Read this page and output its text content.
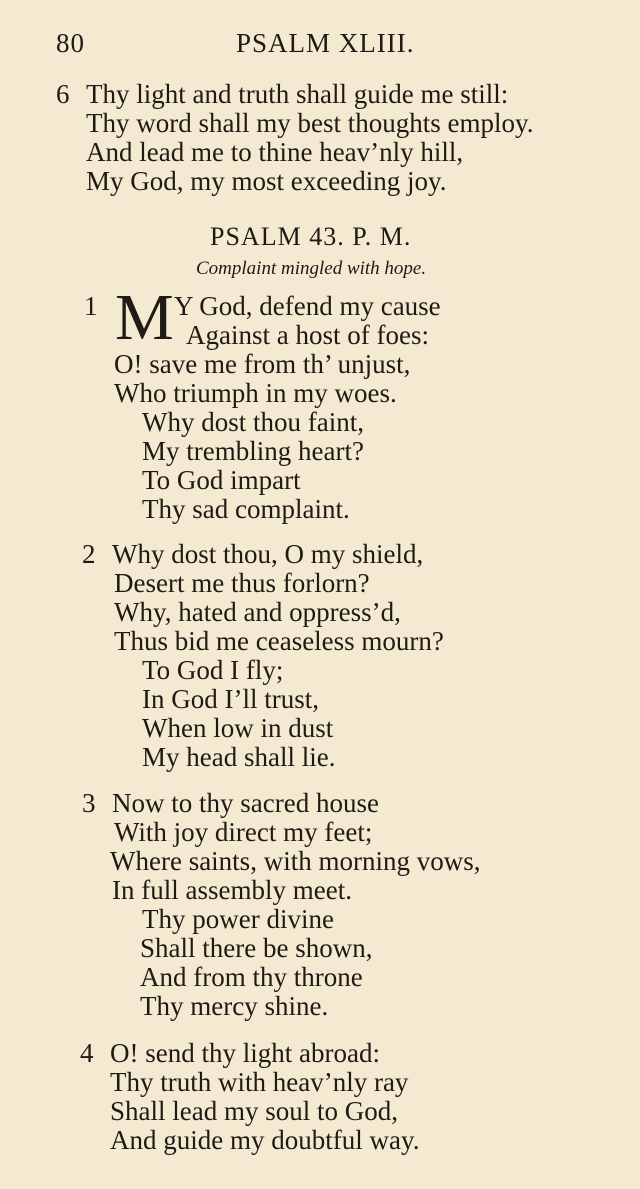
80	PSALM XLIII.
6 Thy light and truth shall guide me still:
Thy word shall my best thoughts employ.
And lead me to thine heav’nly hill,
My God, my most exceeding joy.
PSALM 43. P. M.
Complaint mingled with hope.
1 M Y God, defend my cause
Against a host of foes:
O! save me from th’ unjust,
Who triumph in my woes.
Why dost thou faint,
My trembling heart?
To God impart
Thy sad complaint.
2 Why dost thou, O my shield,
Desert me thus forlorn?
Why, hated and oppress’d,
Thus bid me ceaseless mourn?
To God I fly;
In God I’ll trust,
When low in dust
My head shall lie.
3 Now to thy sacred house
With joy direct my feet;
Where saints, with morning vows,
In full assembly meet.
Thy power divine
Shall there be shown,
And from thy throne
Thy mercy shine.
4 O! send thy light abroad:
Thy truth with heav’nly ray
Shall lead my soul to God,
And guide my doubtful way.
